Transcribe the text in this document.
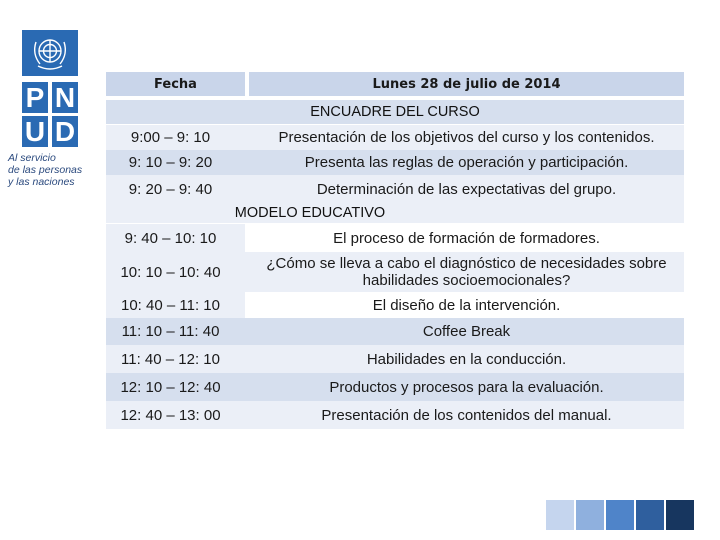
P N
U D
Al servicio
de las personas
y las naciones
Fecha	Lunes 28 de julio de 2014
ENCUADRE DEL CURSO
9:00 – 9: 10	Presentación de los objetivos del curso y los contenidos.
9: 10 – 9: 20	Presenta las reglas de operación y participación.
9: 20 – 9: 40	Determinación de las expectativas del grupo.
MODELO EDUCATIVO
9: 40 – 10: 10	El proceso de formación de formadores.
10: 10 – 10: 40	¿Cómo se lleva a cabo el diagnóstico de necesidades sobre
habilidades socioemocionales?
10: 40 – 11: 10	El diseño de la intervención.
11: 10 – 11: 40	Coffee Break
11: 40 – 12: 10	Habilidades en la conducción.
12: 10 – 12: 40	Productos y procesos para la evaluación.
12: 40 – 13: 00	Presentación de los contenidos del manual.
